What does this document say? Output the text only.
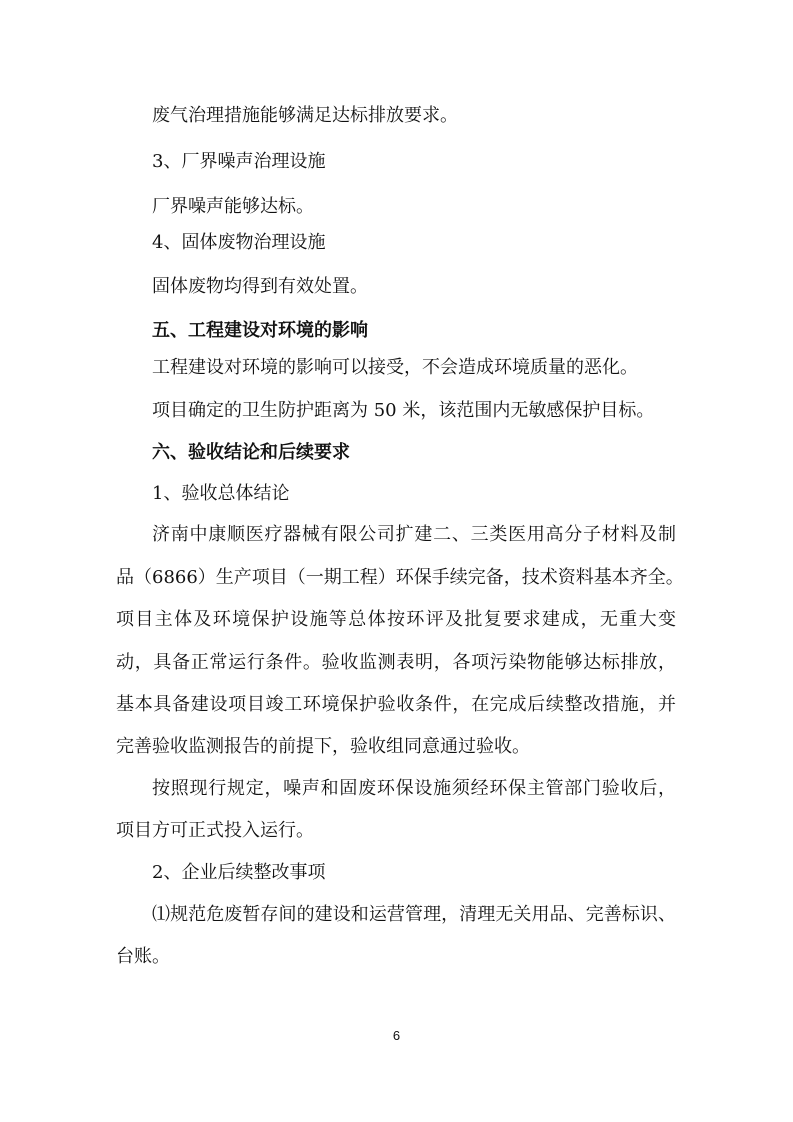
废气治理措施能够满足达标排放要求。
3、厂界噪声治理设施
厂界噪声能够达标。
4、固体废物治理设施
固体废物均得到有效处置。
五、工程建设对环境的影响
工程建设对环境的影响可以接受，不会造成环境质量的恶化。
项目确定的卫生防护距离为 50 米，该范围内无敏感保护目标。
六、验收结论和后续要求
1、验收总体结论
济南中康顺医疗器械有限公司扩建二、三类医用高分子材料及制
品（6866）生产项目（一期工程）环保手续完备，技术资料基本齐全。
项目主体及环境保护设施等总体按环评及批复要求建成，无重大变
动，具备正常运行条件。验收监测表明，各项污染物能够达标排放，
基本具备建设项目竣工环境保护验收条件，在完成后续整改措施，并
完善验收监测报告的前提下，验收组同意通过验收。
按照现行规定，噪声和固废环保设施须经环保主管部门验收后，
项目方可正式投入运行。
2、企业后续整改事项
⑴规范危废暂存间的建设和运营管理，清理无关用品、完善标识、
台账。
6
